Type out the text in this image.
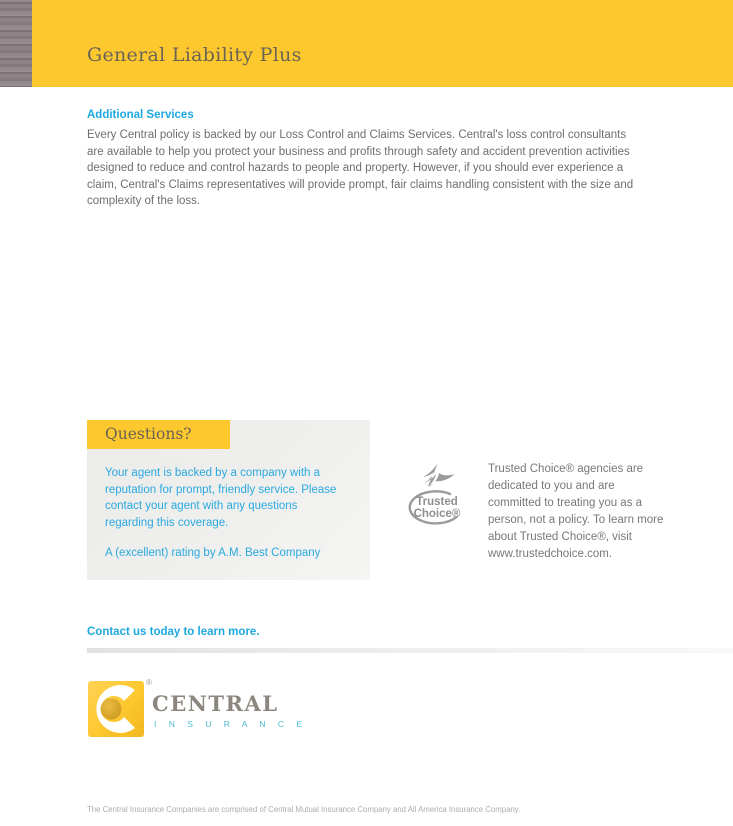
General Liability Plus
Additional Services
Every Central policy is backed by our Loss Control and Claims Services. Central's loss control consultants are available to help you protect your business and profits through safety and accident prevention activities designed to reduce and control hazards to people and property. However, if you should ever experience a claim, Central's Claims representatives will provide prompt, fair claims handling consistent with the size and complexity of the loss.
Questions?
Your agent is backed by a company with a reputation for prompt, friendly service. Please contact your agent with any questions regarding this coverage.
A (excellent) rating by A.M. Best Company
Trusted
Choice®
Trusted Choice® agencies are dedicated to you and are committed to treating you as a person, not a policy. To learn more about Trusted Choice®, visit www.trustedchoice.com.
Contact us today to learn more.
®
CENTRAL
I N S U R A N C E
The Central Insurance Companies are comprised of Central Mutual Insurance Company and All America Insurance Company.
